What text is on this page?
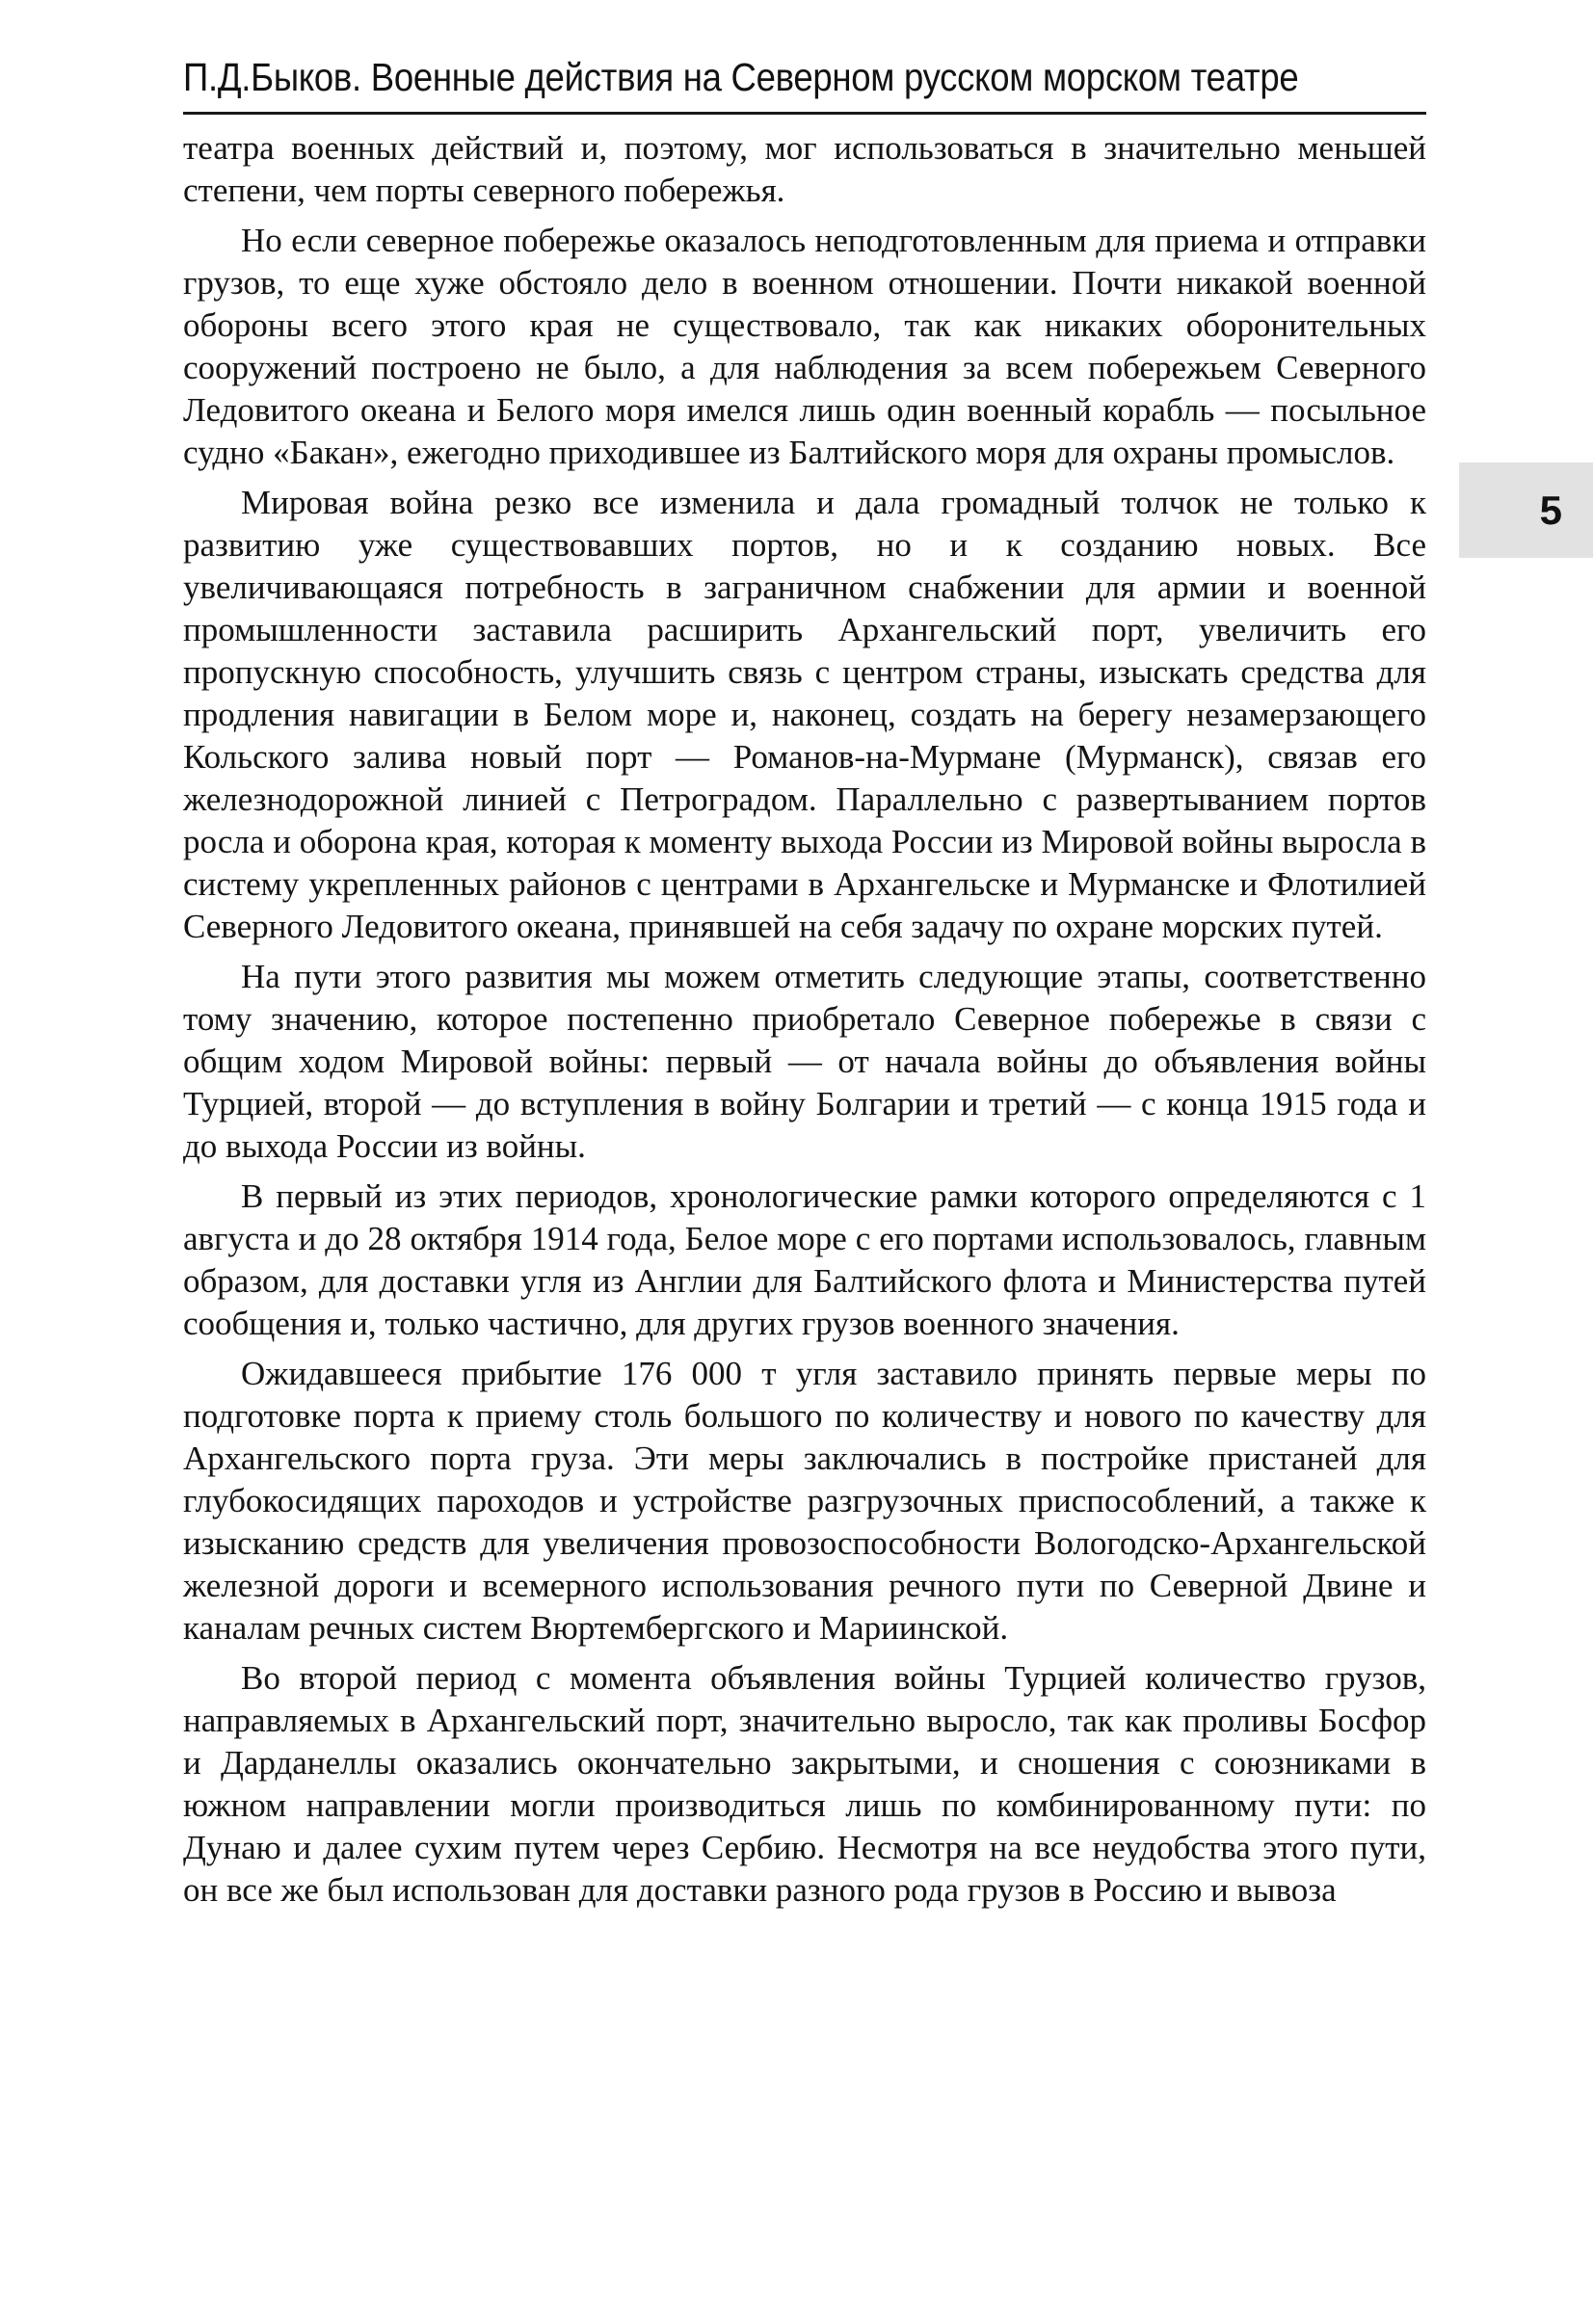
П.Д.Быков. Военные действия на Северном русском морском театре
5

театра военных действий и, поэтому, мог использоваться в значительно меньшей степени, чем порты северного побережья.

Но если северное побережье оказалось неподготовленным для приема и отправки грузов, то еще хуже обстояло дело в военном отношении. Почти никакой военной обороны всего этого края не существовало, так как никаких оборонительных сооружений построено не было, а для наблюдения за всем побережьем Северного Ледовитого океана и Белого моря имелся лишь один военный корабль — посыльное судно «Бакан», ежегодно приходившее из Балтийского моря для охраны промыслов.

Мировая война резко все изменила и дала громадный толчок не только к развитию уже существовавших портов, но и к созданию новых. Все увеличивающаяся потребность в заграничном снабжении для армии и военной промышленности заставила расширить Архангельский порт, увеличить его пропускную способность, улучшить связь с центром страны, изыскать средства для продления навигации в Белом море и, наконец, создать на берегу незамерзающего Кольского залива новый порт — Романов-на-Мурмане (Мурманск), связав его железнодорожной линией с Петроградом. Параллельно с развертыванием портов росла и оборона края, которая к моменту выхода России из Мировой войны выросла в систему укрепленных районов с центрами в Архангельске и Мурманске и Флотилией Северного Ледовитого океана, принявшей на себя задачу по охране морских путей.

На пути этого развития мы можем отметить следующие этапы, соответственно тому значению, которое постепенно приобретало Северное побережье в связи с общим ходом Мировой войны: первый — от начала войны до объявления войны Турцией, второй — до вступления в войну Болгарии и третий — с конца 1915 года и до выхода России из войны.

В первый из этих периодов, хронологические рамки которого определяются с 1 августа и до 28 октября 1914 года, Белое море с его портами использовалось, главным образом, для доставки угля из Англии для Балтийского флота и Министерства путей сообщения и, только частично, для других грузов военного значения.

Ожидавшееся прибытие 176 000 т угля заставило принять первые меры по подготовке порта к приему столь большого по количеству и нового по качеству для Архангельского порта груза. Эти меры заключались в постройке пристаней для глубокосидящих пароходов и устройстве разгрузочных приспособлений, а также к изысканию средств для увеличения провозоспособности Вологодско-Архангельской железной дороги и всемерного использования речного пути по Северной Двине и каналам речных систем Вюртембергского и Мариинской.

Во второй период с момента объявления войны Турцией количество грузов, направляемых в Архангельский порт, значительно выросло, так как проливы Босфор и Дарданеллы оказались окончательно закрытыми, и сношения с союзниками в южном направлении могли производиться лишь по комбинированному пути: по Дунаю и далее сухим путем через Сербию. Несмотря на все неудобства этого пути, он все же был использован для доставки разного рода грузов в Россию и вывоза
